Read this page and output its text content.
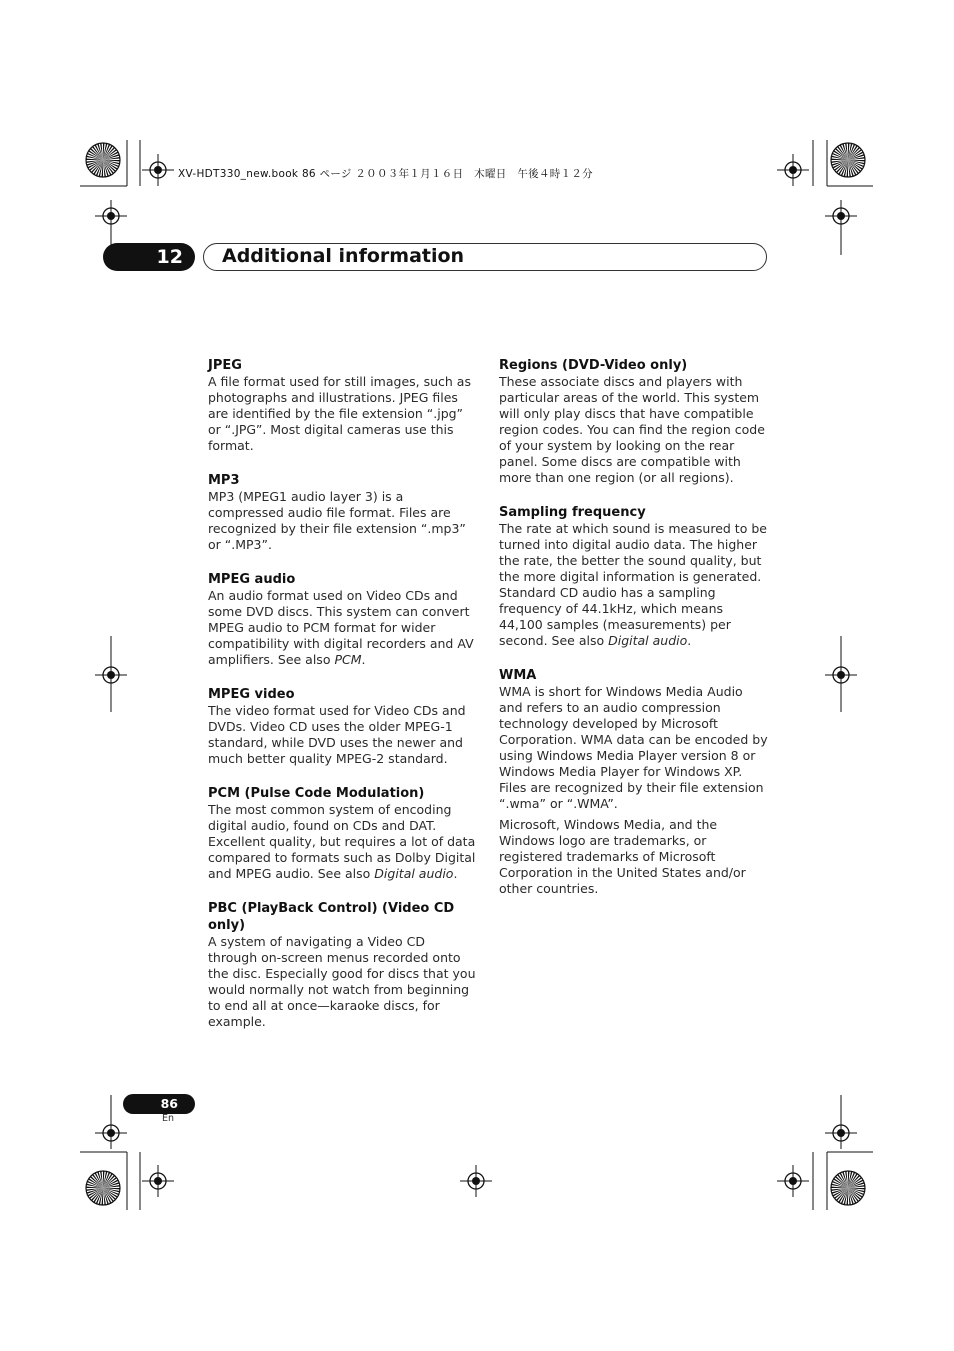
XV-HDT330_new.book 86 ページ ２００３年１月１６日　木曜日　午後４時１２分
12	Additional information
JPEG

A file format used for still images, such as photographs and illustrations. JPEG files are identified by the file extension “.jpg” or “.JPG”. Most digital cameras use this format.

MP3

MP3 (MPEG1 audio layer 3) is a compressed audio file format. Files are recognized by their file extension “.mp3” or “.MP3”.

MPEG audio

An audio format used on Video CDs and some DVD discs. This system can convert MPEG audio to PCM format for wider compatibility with digital recorders and AV amplifiers. See also PCM.

MPEG video

The video format used for Video CDs and DVDs. Video CD uses the older MPEG-1 standard, while DVD uses the newer and much better quality MPEG-2 standard.

PCM (Pulse Code Modulation)

The most common system of encoding digital audio, found on CDs and DAT. Excellent quality, but requires a lot of data compared to formats such as Dolby Digital and MPEG audio. See also Digital audio.

PBC (PlayBack Control) (Video CD only)

A system of navigating a Video CD through on-screen menus recorded onto the disc. Especially good for discs that you would normally not watch from beginning to end all at once—karaoke discs, for example.

Regions (DVD-Video only)

These associate discs and players with particular areas of the world. This system will only play discs that have compatible region codes. You can find the region code of your system by looking on the rear panel. Some discs are compatible with more than one region (or all regions).

Sampling frequency

The rate at which sound is measured to be turned into digital audio data. The higher the rate, the better the sound quality, but the more digital information is generated. Standard CD audio has a sampling frequency of 44.1kHz, which means 44,100 samples (measurements) per second. See also Digital audio.

WMA

WMA is short for Windows Media Audio and refers to an audio compression technology developed by Microsoft Corporation. WMA data can be encoded by using Windows Media Player version 8 or Windows Media Player for Windows XP. Files are recognized by their file extension “.wma” or “.WMA”.

Microsoft, Windows Media, and the Windows logo are trademarks, or registered trademarks of Microsoft Corporation in the United States and/or other countries.

86
En
